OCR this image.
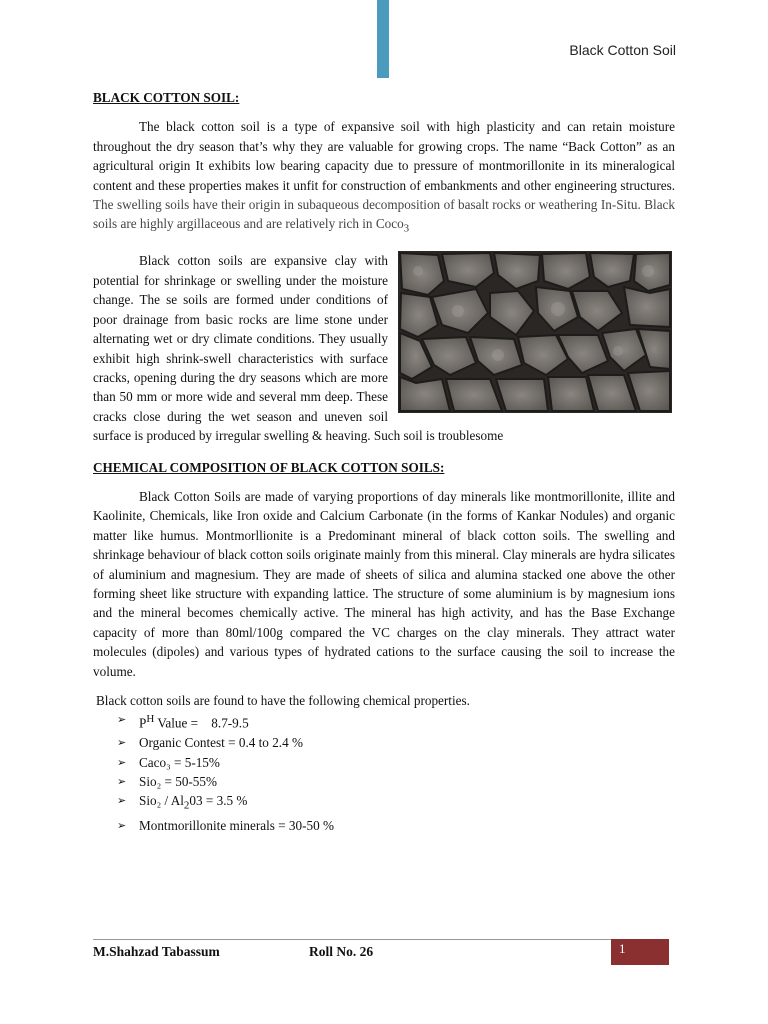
Black Cotton Soil
BLACK COTTON SOIL:

The black cotton soil is a type of expansive soil with high plasticity and can retain moisture throughout the dry season that’s why they are valuable for growing crops. The name “Back Cotton” as an agricultural origin It exhibits low bearing capacity due to pressure of montmorillonite in its mineralogical content and these properties makes it unfit for construction of embankments and other engineering structures. The swelling soils have their origin in subaqueous decomposition of basalt rocks or weathering In-Situ. Black soils are highly argillaceous and are relatively rich in Coco$_3$

Black cotton soils are expansive clay with potential for shrinkage or swelling under the moisture change. The se soils are formed under conditions of poor drainage from basic rocks are lime stone under alternating wet or dry climate conditions. They usually exhibit high shrink-swell characteristics with surface cracks, opening during the dry seasons which are more than 50 mm or more wide and several mm deep. These cracks close during the wet season and uneven soil surface is produced by irregular swelling & heaving. Such soil is troublesome

CHEMICAL COMPOSITION OF BLACK COTTON SOILS:

Black Cotton Soils are made of varying proportions of day minerals like montmorillonite, illite and Kaolinite, Chemicals, like Iron oxide and Calcium Carbonate (in the forms of Kankar Nodules) and organic matter like humus. Montmorllionite is a Predominant mineral of black cotton soils. The swelling and shrinkage behaviour of black cotton soils originate mainly from this mineral. Clay minerals are hydra silicates of aluminium and magnesium. They are made of sheets of silica and alumina stacked one above the other forming sheet like structure with expanding lattice. The structure of some aluminium is by magnesium ions and the mineral becomes chemically active. The mineral has high activity, and has the Base Exchange capacity of more than 80ml/100g compared the VC charges on the clay minerals. They attract water molecules (dipoles) and various types of hydrated cations to the surface causing the soil to increase the volume.

Black cotton soils are found to have the following chemical properties.

➢ $P^H$ Value =    8.7-9.5
➢ Organic Contest = 0.4 to 2.4 %
➢ Caco₃ = 5-15%
➢ Sio₂ = 50-55%
➢ $Sio_2 / Al_203 = 3.5$ %
➢ Montmorillonite minerals = 30-50 %
M.Shahzad Tabassum	Roll No. 26	1
